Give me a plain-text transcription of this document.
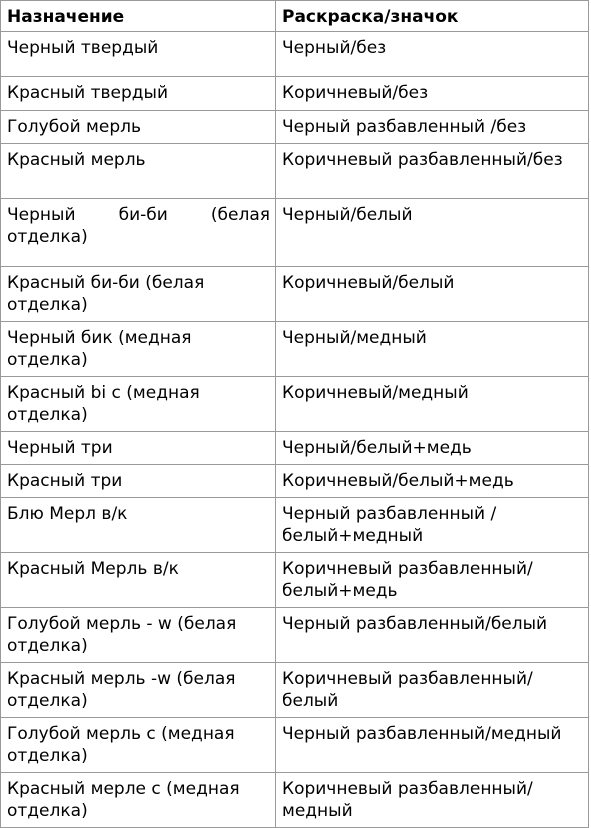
Назначение	Раскраска/значок
Черный твердый	Черный/без
Красный твердый	Коричневый/без
Голубой мерль	Черный разбавленный /без
Красный мерль	Коричневый разбавленный/без
Черный би-би (белая отделка)	Черный/белый
Красный би-би (белая отделка)	Коричневый/белый
Черный бик (медная отделка)	Черный/медный
Красный bi c (медная отделка)	Коричневый/медный
Черный три	Черный/белый+медь
Красный три	Коричневый/белый+медь
Блю Мерл в/к	Черный разбавленный /белый+медный
Красный Мерль в/к	Коричневый разбавленный/белый+медь
Голубой мерль - w (белая отделка)	Черный разбавленный/белый
Красный мерль -w (белая отделка)	Коричневый разбавленный/белый
Голубой мерль с (медная отделка)	Черный разбавленный/медный
Красный мерле с (медная отделка)	Коричневый разбавленный/медный
